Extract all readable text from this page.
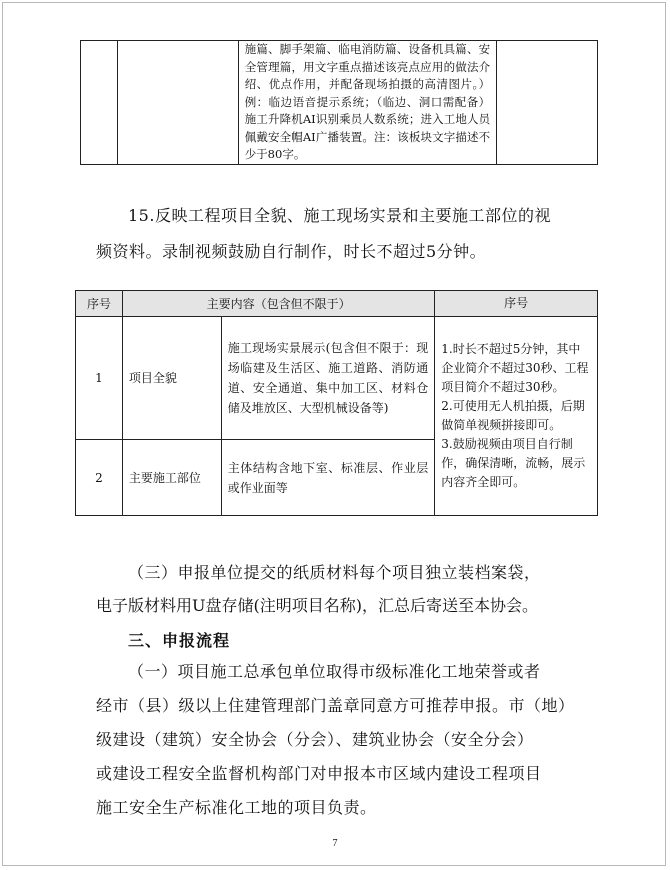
		施篇、脚手架篇、临电消防篇、设备机具篇、安全管理篇，用文字重点描述该亮点应用的做法介绍、优点作用，并配备现场拍摄的高清图片。）例：临边语音提示系统；（临边、洞口需配备）施工升降机AI识别乘员人数系统；进入工地人员佩戴安全帽AI广播装置。注：该板块文字描述不少于80字。	
15.反映工程项目全貌、施工现场实景和主要施工部位的视
频资料。录制视频鼓励自行制作，时长不超过5分钟。
序号	主要内容（包含但不限于）		序号
1	项目全貌	施工现场实景展示(包含但不限于：现场临建及生活区、施工道路、消防通道、安全通道、集中加工区、材料仓储及堆放区、大型机械设备等)	1.时长不超过5分钟，其中企业简介不超过30秒、工程项目简介不超过30秒。
2.可使用无人机拍摄，后期做简单视频拼接即可。
3.鼓励视频由项目自行制作，确保清晰，流畅，展示内容齐全即可。

2	主要施工部位	主体结构含地下室、标准层、作业层或作业面等	
（三）申报单位提交的纸质材料每个项目独立装档案袋，
电子版材料用U盘存储(注明项目名称)，汇总后寄送至本协会。
三、申报流程
（一）项目施工总承包单位取得市级标准化工地荣誉或者
经市（县）级以上住建管理部门盖章同意方可推荐申报。市（地）
级建设（建筑）安全协会（分会）、建筑业协会（安全分会）
或建设工程安全监督机构部门对申报本市区域内建设工程项目
施工安全生产标准化工地的项目负责。
7
